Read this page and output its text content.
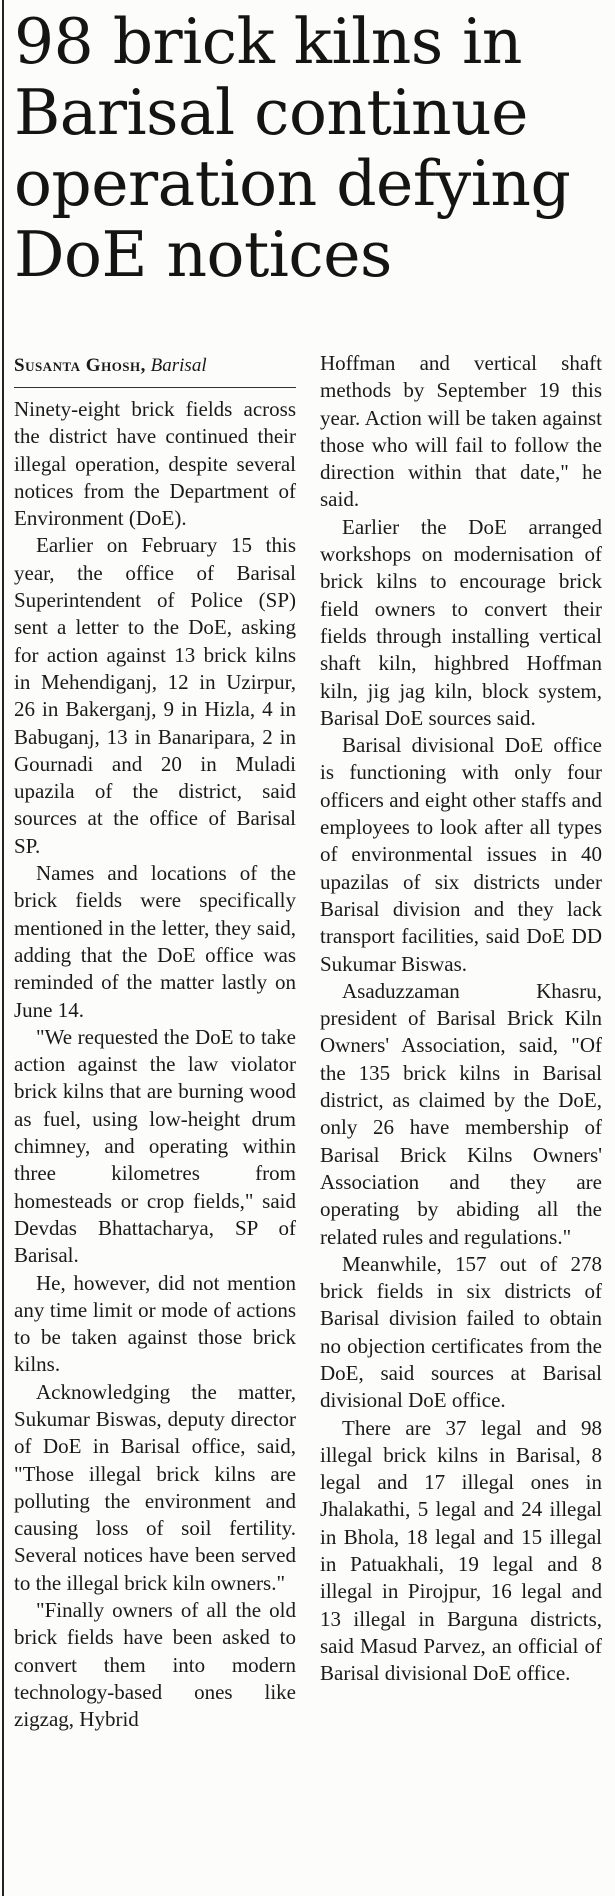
98 brick kilns in Barisal continue operation defying DoE notices
Susanta Ghosh, Barisal

Ninety-eight brick fields across the district have continued their illegal operation, despite several notices from the Department of Environment (DoE).

Earlier on February 15 this year, the office of Barisal Superintendent of Police (SP) sent a letter to the DoE, asking for action against 13 brick kilns in Mehendiganj, 12 in Uzirpur, 26 in Bakerganj, 9 in Hizla, 4 in Babuganj, 13 in Banaripara, 2 in Gournadi and 20 in Muladi upazila of the district, said sources at the office of Barisal SP.

Names and locations of the brick fields were specifically mentioned in the letter, they said, adding that the DoE office was reminded of the matter lastly on June 14.

"We requested the DoE to take action against the law violator brick kilns that are burning wood as fuel, using low-height drum chimney, and operating within three kilometres from homesteads or crop fields," said Devdas Bhattacharya, SP of Barisal.

He, however, did not mention any time limit or mode of actions to be taken against those brick kilns.

Acknowledging the matter, Sukumar Biswas, deputy director of DoE in Barisal office, said, "Those illegal brick kilns are polluting the environment and causing loss of soil fertility. Several notices have been served to the illegal brick kiln owners."

"Finally owners of all the old brick fields have been asked to convert them into modern technology-based ones like zigzag, Hybrid

Hoffman and vertical shaft methods by September 19 this year. Action will be taken against those who will fail to follow the direction within that date," he said.

Earlier the DoE arranged workshops on modernisation of brick kilns to encourage brick field owners to convert their fields through installing vertical shaft kiln, highbred Hoffman kiln, jig jag kiln, block system, Barisal DoE sources said.

Barisal divisional DoE office is functioning with only four officers and eight other staffs and employees to look after all types of environmental issues in 40 upazilas of six districts under Barisal division and they lack transport facilities, said DoE DD Sukumar Biswas.

Asaduzzaman Khasru, president of Barisal Brick Kiln Owners' Association, said, "Of the 135 brick kilns in Barisal district, as claimed by the DoE, only 26 have membership of Barisal Brick Kilns Owners' Association and they are operating by abiding all the related rules and regulations."

Meanwhile, 157 out of 278 brick fields in six districts of Barisal division failed to obtain no objection certificates from the DoE, said sources at Barisal divisional DoE office.

There are 37 legal and 98 illegal brick kilns in Barisal, 8 legal and 17 illegal ones in Jhalakathi, 5 legal and 24 illegal in Bhola, 18 legal and 15 illegal in Patuakhali, 19 legal and 8 illegal in Pirojpur, 16 legal and 13 illegal in Barguna districts, said Masud Parvez, an official of Barisal divisional DoE office.
